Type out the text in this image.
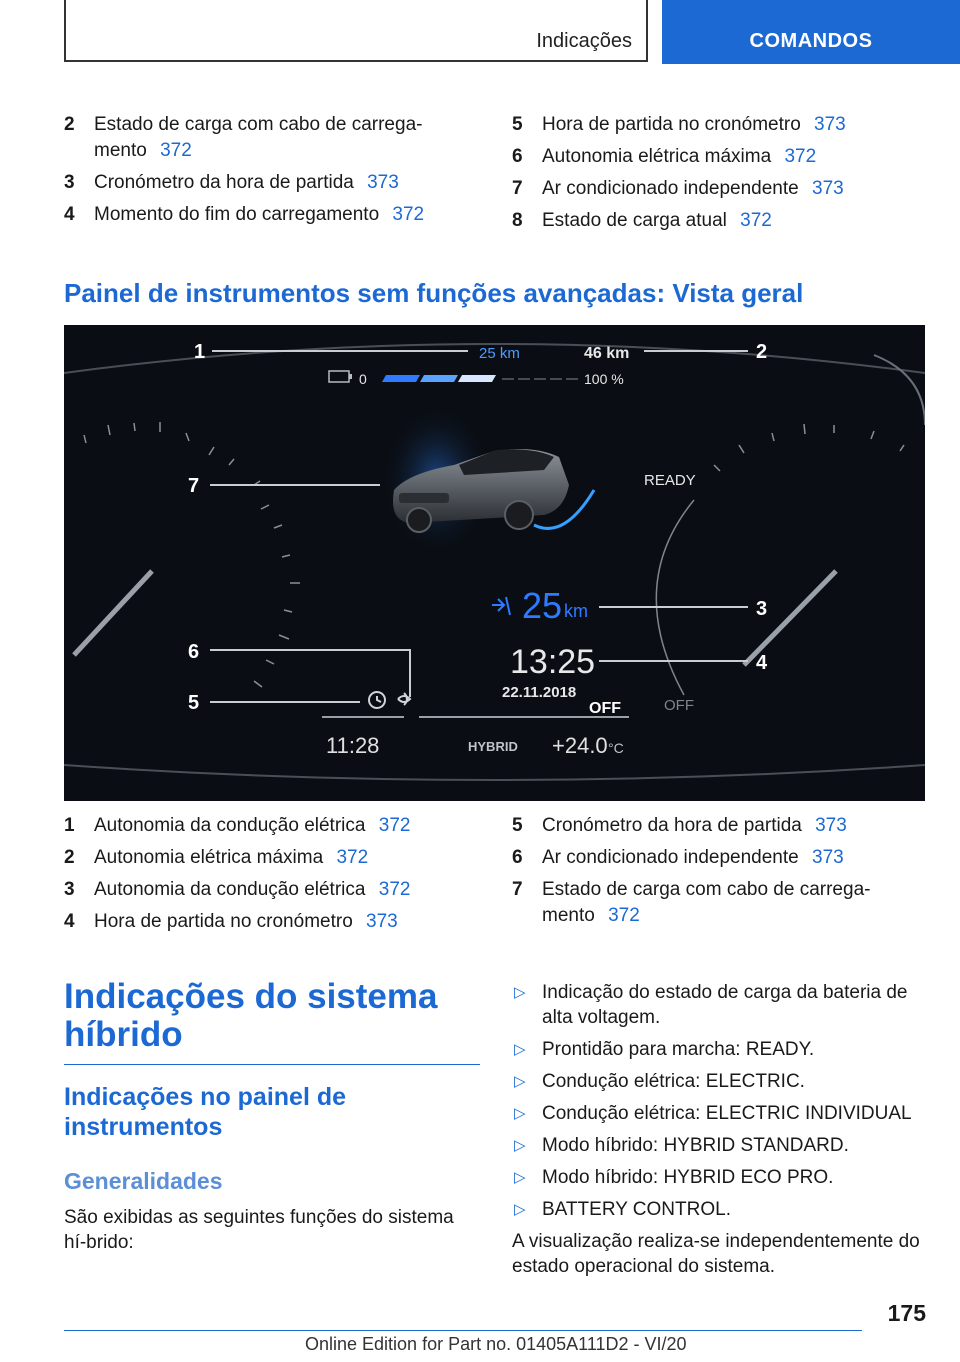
Indicações	COMANDOS
2 Estado de carga com cabo de carrega-mento 372
3 Cronómetro da hora de partida 373
4 Momento do fim do carregamento 372
5 Hora de partida no cronómetro 373
6 Autonomia elétrica máxima 372
7 Ar condicionado independente 373
8 Estado de carga atual 372
Painel de instrumentos sem funções avançadas: Vista geral
1	25 km	46 km	2
0	100 %
READY
7
25 km	3
13:25	4
22.11.2018
OFF	OFF
6
5
11:28	HYBRID +24.0 °C
1 Autonomia da condução elétrica 372
2 Autonomia elétrica máxima 372
3 Autonomia da condução elétrica 372
4 Hora de partida no cronómetro 373
5 Cronómetro da hora de partida 373
6 Ar condicionado independente 373
7 Estado de carga com cabo de carrega-mento 372
Indicações do sistema híbrido
Indicações no painel de instrumentos
Generalidades

São exibidas as seguintes funções do sistema hí-brido:

▷ Indicação do estado de carga da bateria de alta voltagem.
▷ Prontidão para marcha: READY.
▷ Condução elétrica: ELECTRIC.
▷ Condução elétrica: ELECTRIC INDIVIDUAL
▷ Modo híbrido: HYBRID STANDARD.
▷ Modo híbrido: HYBRID ECO PRO.
▷ BATTERY CONTROL.

A visualização realiza-se independentemente do estado operacional do sistema.

175
Online Edition for Part no. 01405A111D2 - VI/20
